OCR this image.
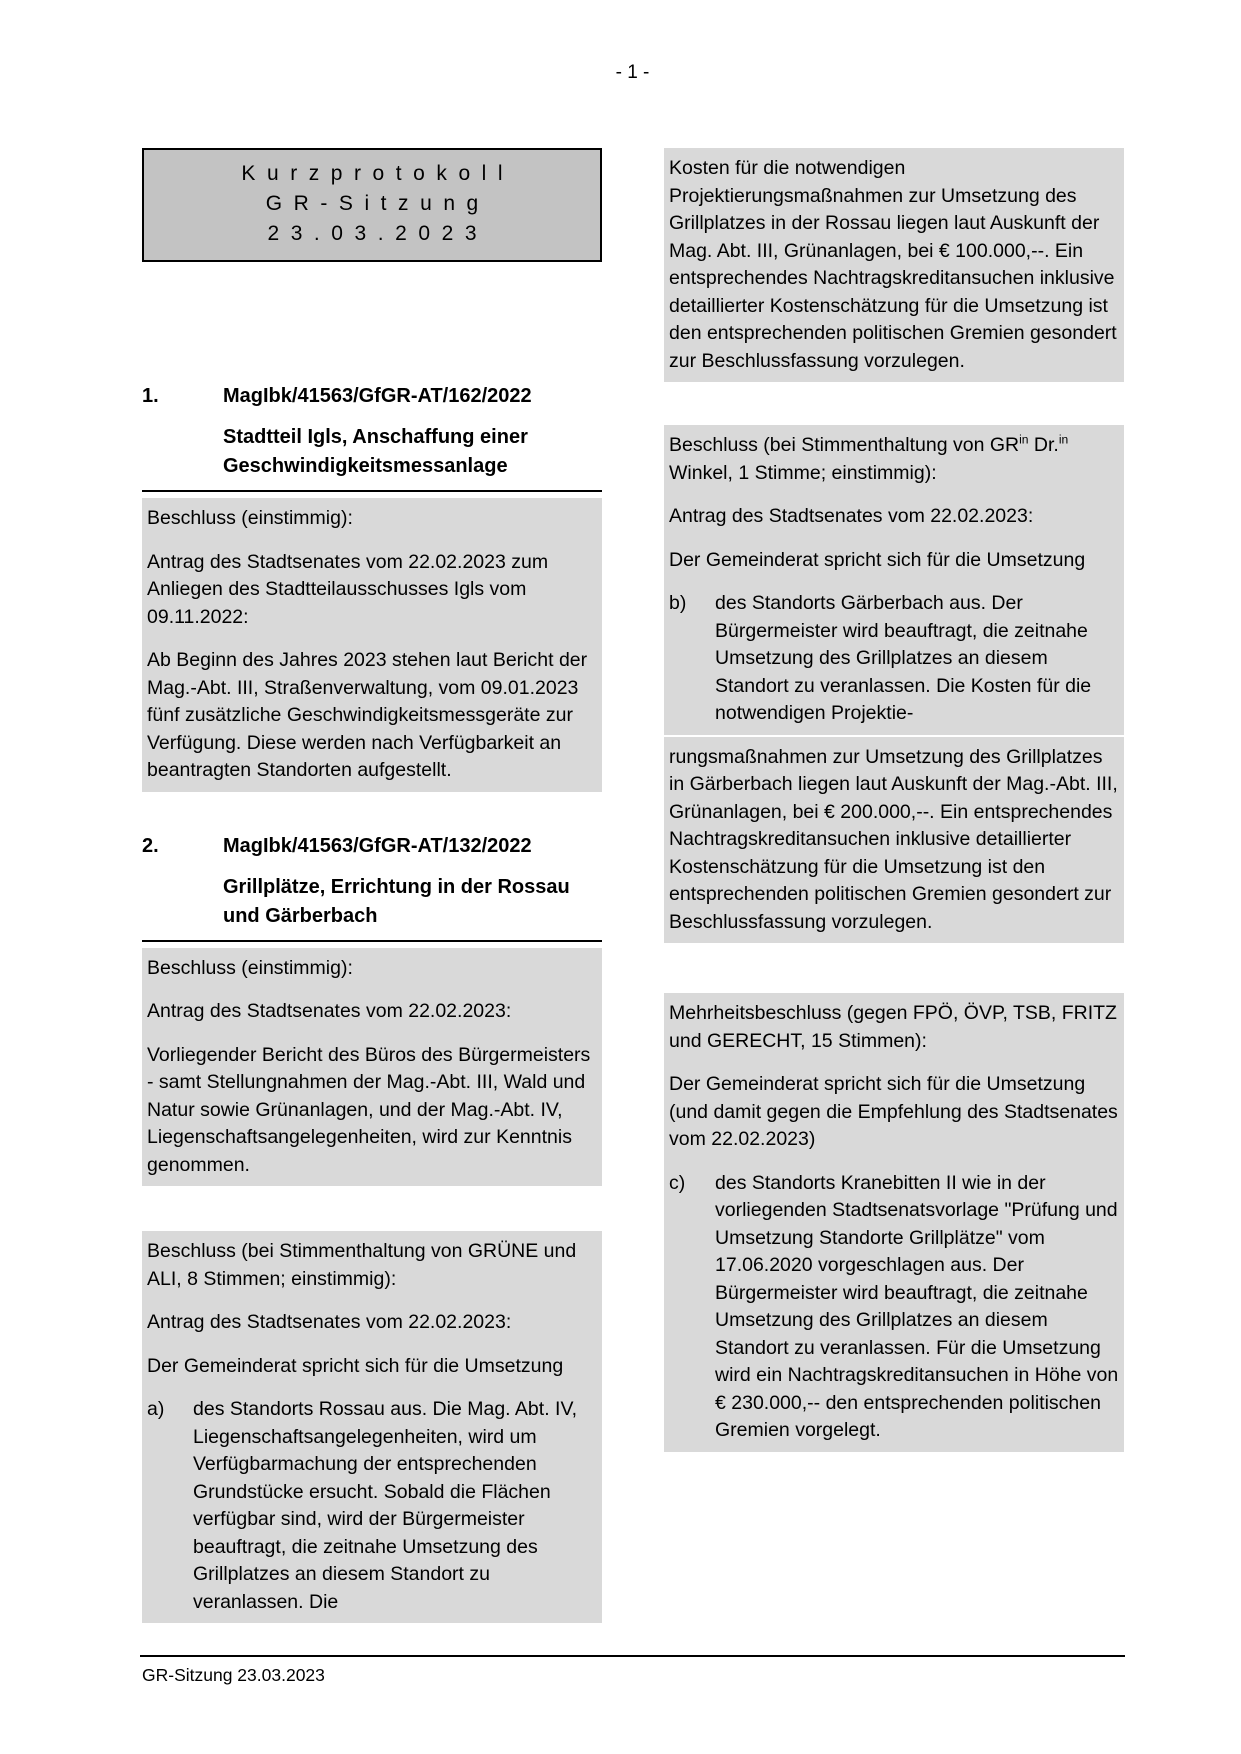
- 1 -
Kurzprotokoll
GR-Sitzung
23.03.2023
1.	MagIbk/41563/GfGR-AT/162/2022
Stadtteil Igls, Anschaffung einer Geschwindigkeitsmessanlage

Beschluss (einstimmig):

Antrag des Stadtsenates vom 22.02.2023 zum Anliegen des Stadtteilausschusses Igls vom 09.11.2022:

Ab Beginn des Jahres 2023 stehen laut Bericht der Mag.-Abt. III, Straßenverwaltung, vom 09.01.2023 fünf zusätzliche Geschwindigkeitsmessgeräte zur Verfügung. Diese werden nach Verfügbarkeit an beantragten Standorten aufgestellt.

2.	MagIbk/41563/GfGR-AT/132/2022
Grillplätze, Errichtung in der Rossau und Gärberbach

Beschluss (einstimmig):

Antrag des Stadtsenates vom 22.02.2023:

Vorliegender Bericht des Büros des Bürgermeisters - samt Stellungnahmen der Mag.-Abt. III, Wald und Natur sowie Grünanlagen, und der Mag.-Abt. IV, Liegenschaftsangelegenheiten, wird zur Kenntnis genommen.

Beschluss (bei Stimmenthaltung von GRÜNE und ALI, 8 Stimmen; einstimmig):

Antrag des Stadtsenates vom 22.02.2023:

Der Gemeinderat spricht sich für die Umsetzung

a)	des Standorts Rossau aus. Die Mag. Abt. IV, Liegenschaftsangelegenheiten, wird um Verfügbarmachung der entsprechenden Grundstücke ersucht. Sobald die Flächen verfügbar sind, wird der Bürgermeister beauftragt, die zeitnahe Umsetzung des Grillplatzes an diesem Standort zu veranlassen. Die

Kosten für die notwendigen Projektierungsmaßnahmen zur Umsetzung des Grillplatzes in der Rossau liegen laut Auskunft der Mag. Abt. III, Grünanlagen, bei € 100.000,--. Ein entsprechendes Nachtragskreditansuchen inklusive detaillierter Kostenschätzung für die Umsetzung ist den entsprechenden politischen Gremien gesondert zur Beschlussfassung vorzulegen.

Beschluss (bei Stimmenthaltung von $GR^{in}$ Dr.$^{in}$ Winkel, 1 Stimme; einstimmig):

Antrag des Stadtsenates vom 22.02.2023:

Der Gemeinderat spricht sich für die Umsetzung

b)	des Standorts Gärberbach aus. Der Bürgermeister wird beauftragt, die zeitnahe Umsetzung des Grillplatzes an diesem Standort zu veranlassen. Die Kosten für die notwendigen Projektie-

rungsmaßnahmen zur Umsetzung des Grillplatzes in Gärberbach liegen laut Auskunft der Mag.-Abt. III, Grünanlagen, bei € 200.000,--. Ein entsprechendes Nachtragskreditansuchen inklusive detaillierter Kostenschätzung für die Umsetzung ist den entsprechenden politischen Gremien gesondert zur Beschlussfassung vorzulegen.

Mehrheitsbeschluss (gegen FPÖ, ÖVP, TSB, FRITZ und GERECHT, 15 Stimmen):

Der Gemeinderat spricht sich für die Umsetzung (und damit gegen die Empfehlung des Stadtsenates vom 22.02.2023)

c)	des Standorts Kranebitten II wie in der vorliegenden Stadtsenatsvorlage "Prüfung und Umsetzung Standorte Grillplätze" vom 17.06.2020 vorgeschlagen aus. Der Bürgermeister wird beauftragt, die zeitnahe Umsetzung des Grillplatzes an diesem Standort zu veranlassen. Für die Umsetzung wird ein Nachtragskreditansuchen in Höhe von € 230.000,-- den entsprechenden politischen Gremien vorgelegt.
GR-Sitzung 23.03.2023
